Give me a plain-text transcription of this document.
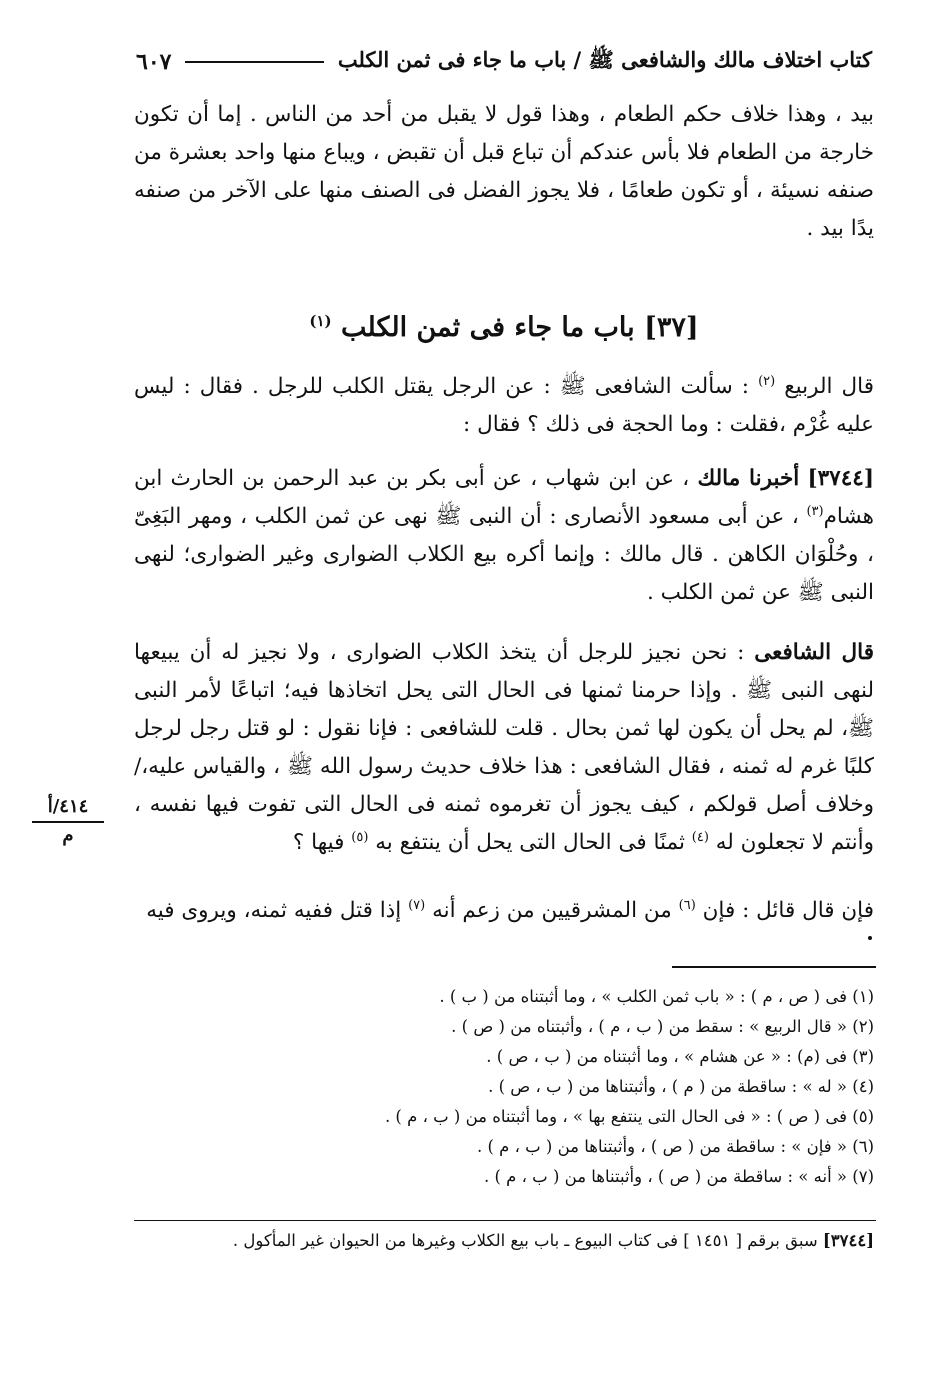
كتاب اختلاف مالك والشافعى ﷺ / باب ما جاء فى ثمن الكلب
٦٠٧

بيد ، وهذا خلاف حكم الطعام ، وهذا قول لا يقبل من أحد من الناس . إما أن تكون خارجة من الطعام فلا بأس عندكم أن تباع قبل أن تقبض ، ويباع منها واحد بعشرة من صنفه نسيئة ، أو تكون طعامًا ، فلا يجوز الفضل فى الصنف منها على الآخر من صنفه يدًا بيد .

[٣٧] باب ما جاء فى ثمن الكلب $^{(١)}$

قال الربيع $^{(٢)}$ : سألت الشافعى ﷺ : عن الرجل يقتل الكلب للرجل . فقال : ليس عليه غُرْم ،فقلت : وما الحجة فى ذلك ؟ فقال :

[٣٧٤٤] أخبرنا مالك ، عن ابن شهاب ، عن أبى بكر بن عبد الرحمن بن الحارث ابن هشام$^{(٣)}$ ، عن أبى مسعود الأنصارى : أن النبى ﷺ نهى عن ثمن الكلب ، ومهر البَغِىّ ، وحُلْوَان الكاهن . قال مالك : وإنما أكره بيع الكلاب الضوارى وغير الضوارى؛ لنهى النبى ﷺ عن ثمن الكلب .

قال الشافعى : نحن نجيز للرجل أن يتخذ الكلاب الضوارى ، ولا نجيز له أن يبيعها لنهى النبى ﷺ . وإذا حرمنا ثمنها فى الحال التى يحل اتخاذها فيه؛ اتباعًا لأمر النبى ﷺ، لم يحل أن يكون لها ثمن بحال . قلت للشافعى : فإنا نقول : لو قتل رجل لرجل كلبًا غرم له ثمنه ، فقال الشافعى : هذا خلاف حديث رسول الله ﷺ ، والقياس عليه،/ وخلاف أصل قولكم ، كيف يجوز أن تغرموه ثمنه فى الحال التى تفوت فيها نفسه ، وأنتم لا تجعلون له $^{(٤)}$ ثمنًا فى الحال التى يحل أن ينتفع به $^{(٥)}$ فيها ؟

فإن قال قائل : فإن $^{(٦)}$ من المشرقيين من زعم أنه $^{(٧)}$ إذا قتل ففيه ثمنه، ويروى فيه

٤١٤/أ
م
(١) فى ( ص ، م ) : « باب ثمن الكلب » ، وما أثبتناه من ( ب ) .
(٢) « قال الربيع » : سقط من ( ب ، م ) ، وأثبتناه من ( ص ) .
(٣) فى (م) : « عن هشام » ، وما أثبتناه من ( ب ، ص ) .
(٤) « له » : ساقطة من ( م ) ، وأثبتناها من ( ب ، ص ) .
(٥) فى ( ص ) : « فى الحال التى ينتفع بها » ، وما أثبتناه من ( ب ، م ) .
(٦) « فإن » : ساقطة من ( ص ) ، وأثبتناها من ( ب ، م ) .
(٧) « أنه » : ساقطة من ( ص ) ، وأثبتناها من ( ب ، م ) .
[٣٧٤٤] سبق برقم [ ١٤٥١ ] فى كتاب البيوع ـ باب بيع الكلاب وغيرها من الحيوان غير المأكول .
